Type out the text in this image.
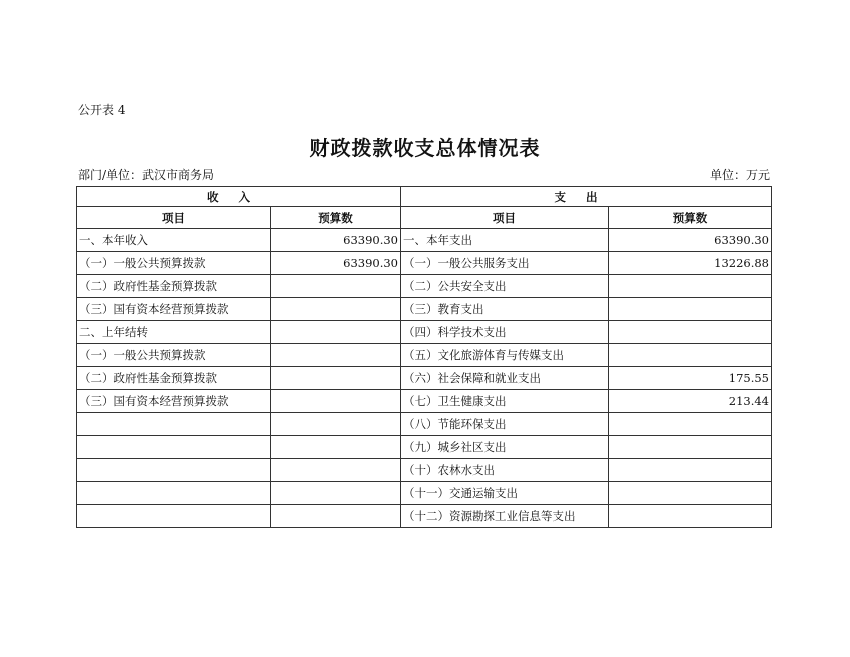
公开表 4
财政拨款收支总体情况表
部门/单位：武汉市商务局	单位：万元
收入		支出	
项目	预算数	项目	预算数
一、本年收入	63390.30	一、本年支出	63390.30
（一）一般公共预算拨款	63390.30	（一）一般公共服务支出	13226.88
（二）政府性基金预算拨款		（二）公共安全支出	
（三）国有资本经营预算拨款		（三）教育支出	
二、上年结转		（四）科学技术支出	
（一）一般公共预算拨款		（五）文化旅游体育与传媒支出	
（二）政府性基金预算拨款		（六）社会保障和就业支出	175.55
（三）国有资本经营预算拨款		（七）卫生健康支出	213.44
		（八）节能环保支出	
		（九）城乡社区支出	
		（十）农林水支出	
		（十一）交通运输支出	
		（十二）资源勘探工业信息等支出	
